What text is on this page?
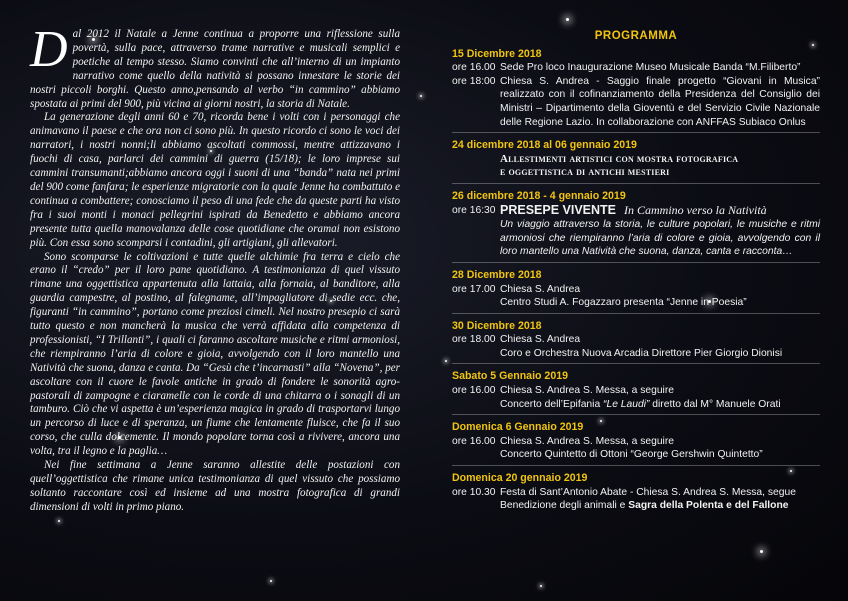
Dal 2012 il Natale a Jenne continua a proporre una riflessione sulla povertà, sulla pace, attraverso trame narrative e musicali semplici e poetiche al tempo stesso. Siamo convinti che all’interno di un impianto narrativo come quello della natività si possano innestare le storie dei nostri piccoli borghi. Questo anno,pensando al verbo “in cammino” abbiamo spostata ai primi del 900, più vicina ai giorni nostri, la storia di Natale.

La generazione degli anni 60 e 70, ricorda bene i volti con i personaggi che animavano il paese e che ora non ci sono più. In questo ricordo ci sono le voci dei narratori, i nostri nonni;li abbiamo ascoltati commossi, mentre attizzavano i fuochi di casa, parlarci dei cammini di guerra (15/18); le loro imprese sui cammini transumanti;abbiamo ancora oggi i suoni di una “banda” nata nei primi del 900 come fanfara; le esperienze migratorie con la quale Jenne ha combattuto e continua a combattere; conosciamo il peso di una fede che da queste parti ha visto fra i suoi monti i monaci pellegrini ispirati da Benedetto e abbiamo ancora presente tutta quella manovalanza delle cose quotidiane che oramai non esistono più. Con essa sono scomparsi i contadini, gli artigiani, gli allevatori.

Sono scomparse le coltivazioni e tutte quelle alchimie fra terra e cielo che erano il “credo” per il loro pane quotidiano. A testimonianza di quel vissuto rimane una oggettistica appartenuta alla lattaia, alla fornaia, al banditore, alla guardia campestre, al postino, al falegname, all’impagliatore di sedie ecc. che, figuranti “in cammino”, portano come preziosi cimeli. Nel nostro presepio ci sarà tutto questo e non mancherà la musica che verrà affidata alla competenza di professionisti, “I Trillanti”, i quali ci faranno ascoltare musiche e ritmi armoniosi, che riempiranno l’aria di colore e gioia, avvolgendo con il loro mantello una Natività che suona, danza e canta. Da “Gesù che t’incarnasti” alla “Novena”, per ascoltare con il cuore le favole antiche in grado di fondere le sonorità agro-pastorali di zampogne e ciaramelle con le corde di una chitarra o i sonagli di un tamburo. Ciò che vi aspetta è un’esperienza magica in grado di trasportarvi lungo un percorso di luce e di speranza, un fiume che lentamente fluisce, che fa il suo corso, che culla dolcemente. Il mondo popolare torna così a rivivere, ancora una volta, tra il legno e la paglia…

Nei fine settimana a Jenne saranno allestite delle postazioni con quell’oggettistica che rimane unica testimonianza di quel vissuto che possiamo soltanto raccontare così ed insieme ad una mostra fotografica di grandi dimensioni di volti in primo piano.

PROGRAMMA
15 Dicembre 2018
ore 16.00 Sede Pro loco Inaugurazione Museo Musicale Banda “M.Filiberto”
ore 18:00 Chiesa S. Andrea - Saggio finale progetto “Giovani in Musica” realizzato con il cofinanziamento della Presidenza del Consiglio dei Ministri – Dipartimento della Gioventù e del Servizio Civile Nazionale delle Regione Lazio. In collaborazione con ANFFAS Subiaco Onlus
24 dicembre 2018 al 06 gennaio 2019
Allestimenti artistici con mostra fotografica
e oggettistica di antichi mestieri
26 dicembre 2018 - 4 gennaio 2019
ore 16:30 PRESEPE VIVENTE In Cammino verso la Natività
Un viaggio attraverso la storia, le culture popolari, le musiche e ritmi armoniosi che riempiranno l’aria di colore e gioia, avvolgendo con il loro mantello una Natività che suona, danza, canta e racconta…
28 Dicembre 2018
ore 17.00 Chiesa S. Andrea
Centro Studi A. Fogazzaro presenta “Jenne in Poesia”
30 Dicembre 2018
ore 18.00 Chiesa S. Andrea
Coro e Orchestra Nuova Arcadia Direttore Pier Giorgio Dionisi
Sabato 5 Gennaio 2019
ore 16.00 Chiesa S. Andrea S. Messa, a seguire
Concerto dell’Epifania “Le Laudi” diretto dal M° Manuele Orati
Domenica 6 Gennaio 2019
ore 16.00 Chiesa S. Andrea S. Messa, a seguire
Concerto Quintetto di Ottoni “George Gershwin Quintetto”
Domenica 20 gennaio 2019
ore 10.30 Festa di Sant’Antonio Abate - Chiesa S. Andrea S. Messa, segue
Benedizione degli animali e Sagra della Polenta e del Fallone
